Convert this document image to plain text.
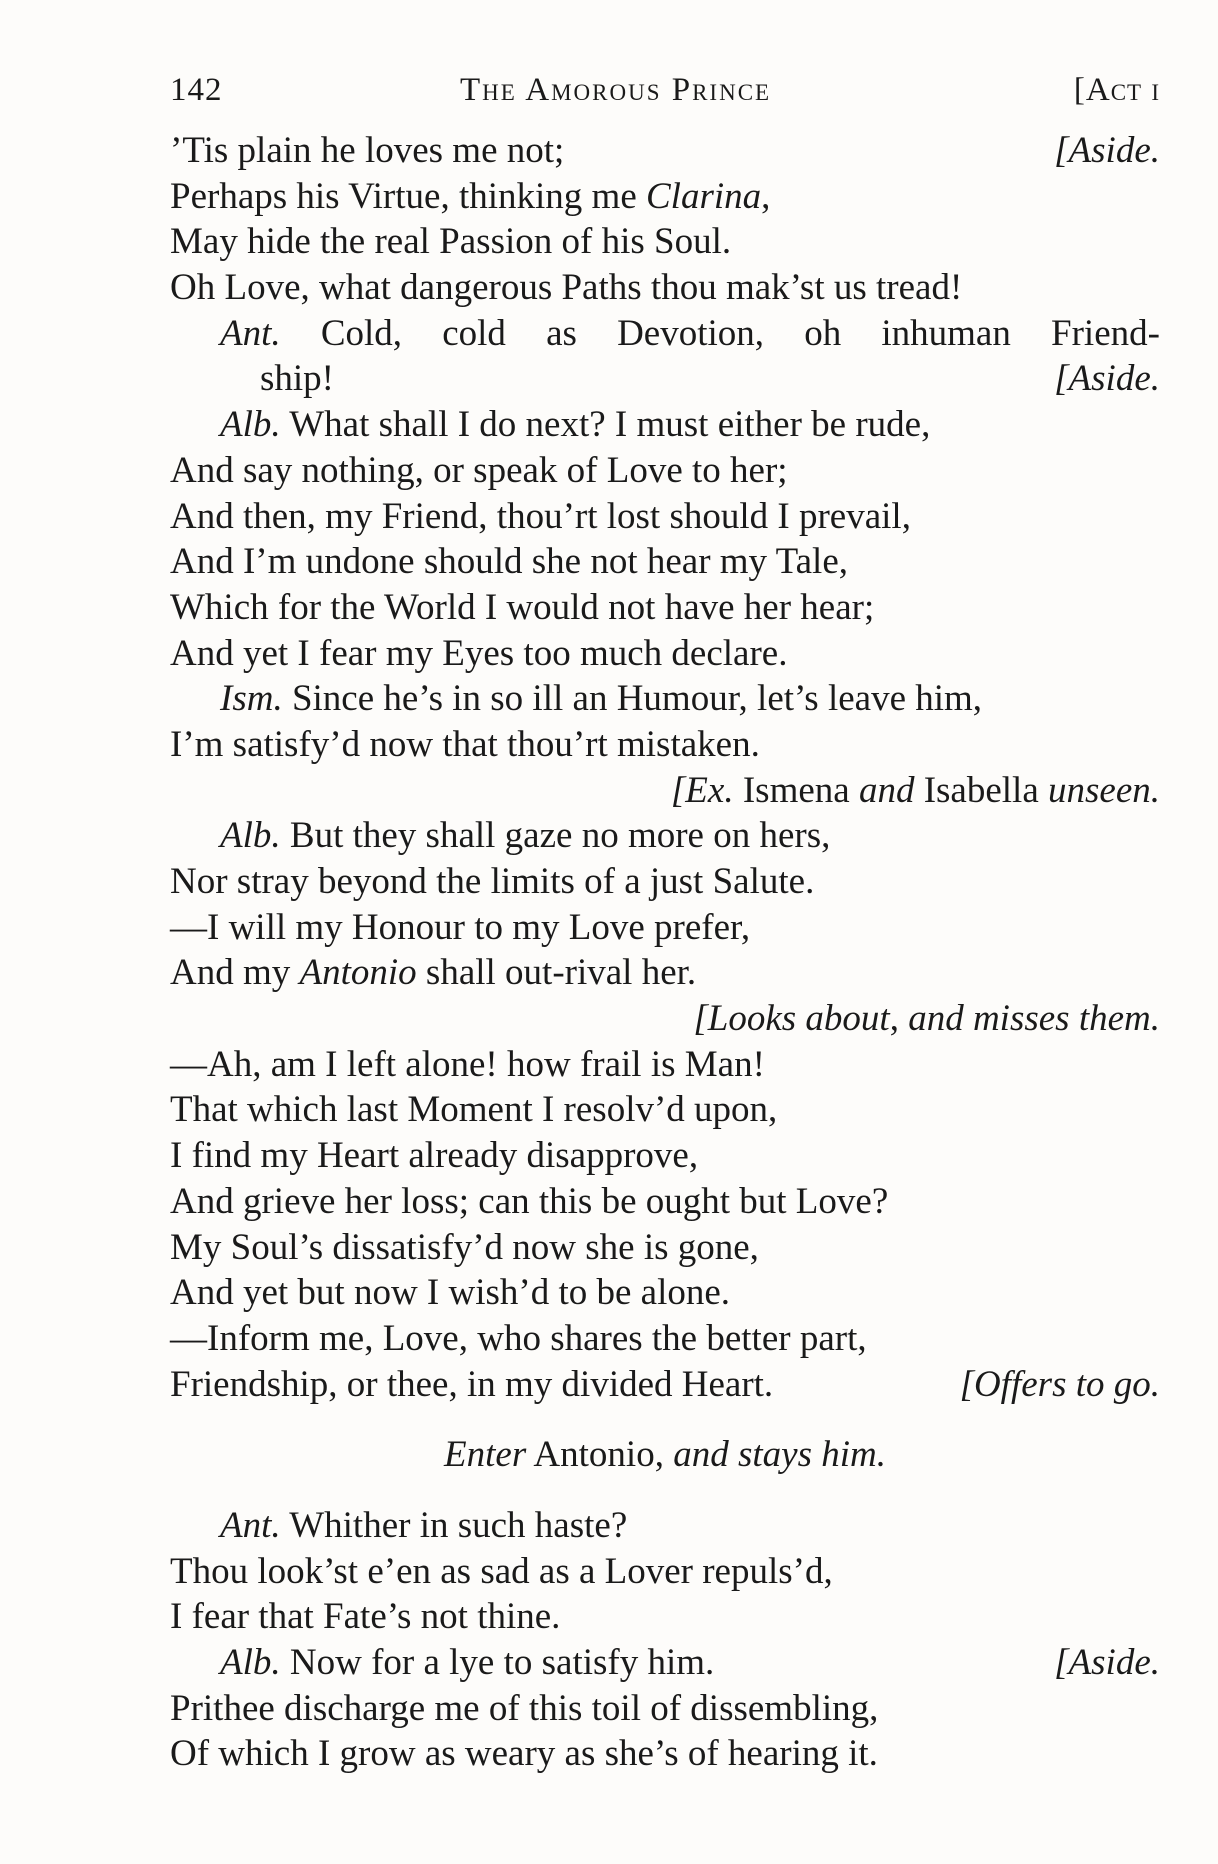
142	The Amorous Prince	[Act i
’Tis plain he loves me not;	[Aside.
Perhaps his Virtue, thinking me Clarina,
May hide the real Passion of his Soul.
Oh Love, what dangerous Paths thou mak’st us tread!
Ant. Cold, cold as Devotion, oh inhuman Friend-
ship!	[Aside.
Alb. What shall I do next? I must either be rude,
And say nothing, or speak of Love to her;
And then, my Friend, thou’rt lost should I prevail,
And I’m undone should she not hear my Tale,
Which for the World I would not have her hear;
And yet I fear my Eyes too much declare.
Ism. Since he’s in so ill an Humour, let’s leave him,
I’m satisfy’d now that thou’rt mistaken.
[Ex. Ismena and Isabella unseen.
Alb. But they shall gaze no more on hers,
Nor stray beyond the limits of a just Salute.
—I will my Honour to my Love prefer,
And my Antonio shall out-rival her.
[Looks about, and misses them.
—Ah, am I left alone! how frail is Man!
That which last Moment I resolv’d upon,
I find my Heart already disapprove,
And grieve her loss; can this be ought but Love?
My Soul’s dissatisfy’d now she is gone,
And yet but now I wish’d to be alone.
—Inform me, Love, who shares the better part,
Friendship, or thee, in my divided Heart.	[Offers to go.
Enter Antonio, and stays him.
Ant. Whither in such haste?
Thou look’st e’en as sad as a Lover repuls’d,
I fear that Fate’s not thine.
Alb. Now for a lye to satisfy him.	[Aside.
Prithee discharge me of this toil of dissembling,
Of which I grow as weary as she’s of hearing it.
